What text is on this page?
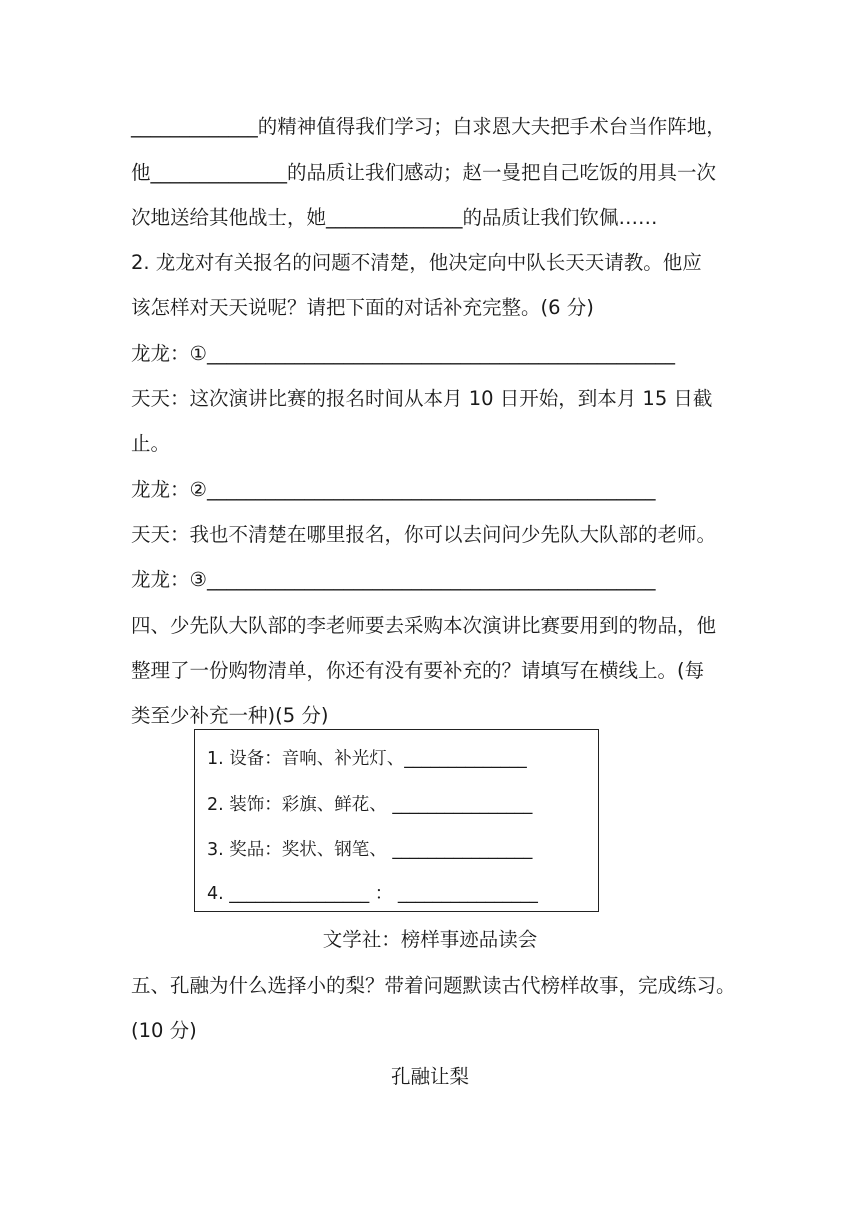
_____________的精神值得我们学习；白求恩大夫把手术台当作阵地，
他______________的品质让我们感动；赵一曼把自己吃饭的用具一次
次地送给其他战士，她______________的品质让我们钦佩……
2. 龙龙对有关报名的问题不清楚，他决定向中队长天天请教。他应
该怎样对天天说呢？请把下面的对话补充完整。(6 分)
龙龙：①________________________________________________
天天：这次演讲比赛的报名时间从本月 10 日开始，到本月 15 日截
止。
龙龙：②______________________________________________
天天：我也不清楚在哪里报名，你可以去问问少先队大队部的老师。
龙龙：③______________________________________________
四、少先队大队部的李老师要去采购本次演讲比赛要用到的物品，他
整理了一份购物清单，你还有没有要补充的？请填写在横线上。(每
类至少补充一种)(5 分)
1. 设备：音响、补光灯、______________
2. 装饰：彩旗、鲜花、 ________________
3. 奖品：奖状、钢笔、 ________________
4. ________________ ： ________________
文学社：榜样事迹品读会
五、孔融为什么选择小的梨？带着问题默读古代榜样故事，完成练习。
(10 分)
孔融让梨
